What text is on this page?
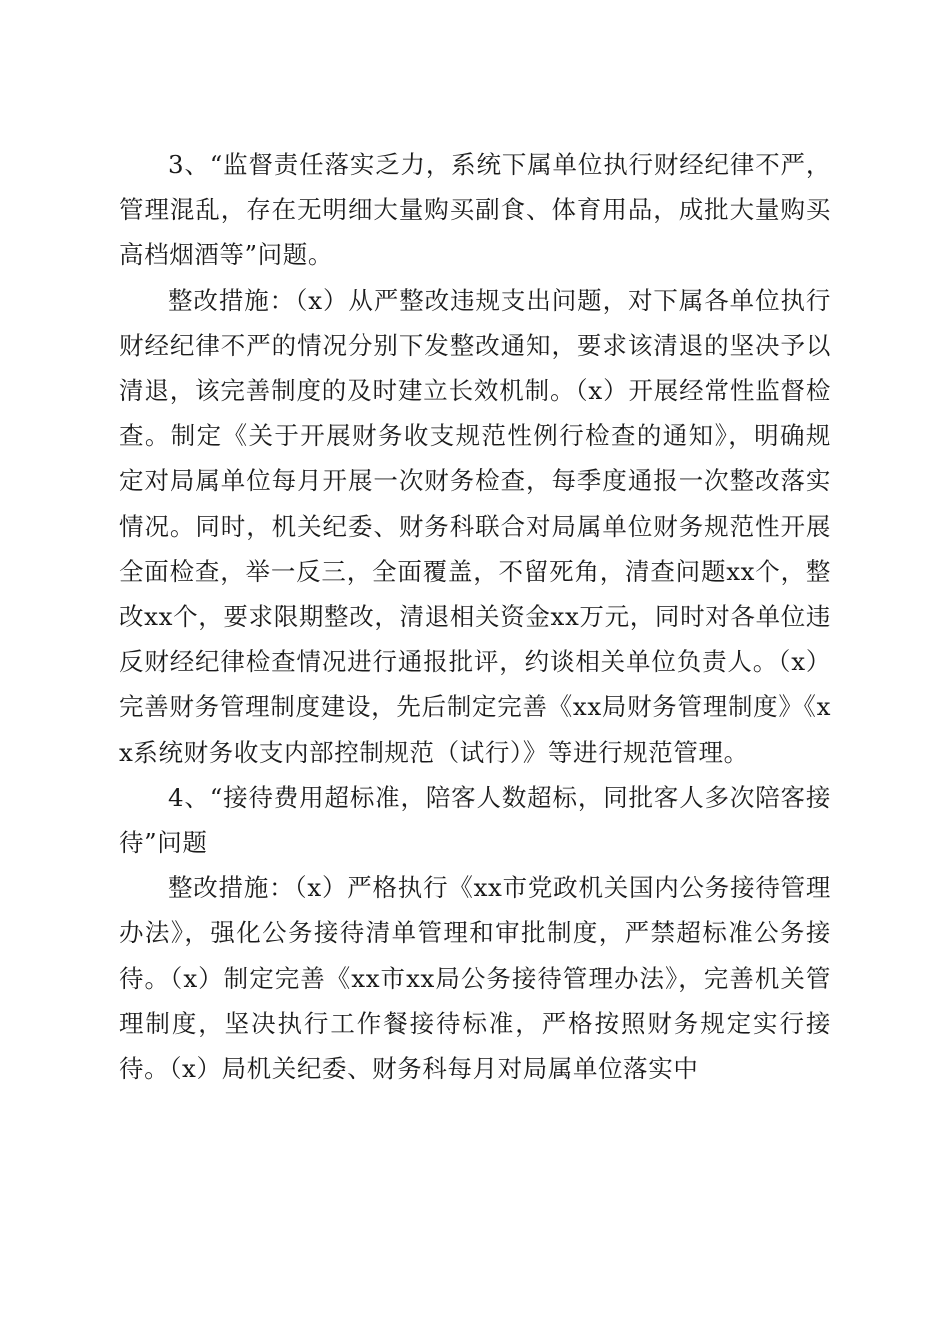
3、“监督责任落实乏力，系统下属单位执行财经纪律不严，管理混乱，存在无明细大量购买副食、体育用品，成批大量购买高档烟酒等”问题。

整改措施：（x）从严整改违规支出问题，对下属各单位执行财经纪律不严的情况分别下发整改通知，要求该清退的坚决予以清退，该完善制度的及时建立长效机制。（x）开展经常性监督检查。制定《关于开展财务收支规范性例行检查的通知》，明确规定对局属单位每月开展一次财务检查，每季度通报一次整改落实情况。同时，机关纪委、财务科联合对局属单位财务规范性开展全面检查，举一反三，全面覆盖，不留死角，清查问题xx个，整改xx个，要求限期整改，清退相关资金xx万元，同时对各单位违反财经纪律检查情况进行通报批评，约谈相关单位负责人。（x）完善财务管理制度建设，先后制定完善《xx局财务管理制度》《xx系统财务收支内部控制规范（试行）》等进行规范管理。

4、“接待费用超标准，陪客人数超标，同批客人多次陪客接待”问题

整改措施：（x）严格执行《xx市党政机关国内公务接待管理办法》，强化公务接待清单管理和审批制度，严禁超标准公务接待。（x）制定完善《xx市xx局公务接待管理办法》，完善机关管理制度，坚决执行工作餐接待标准，严格按照财务规定实行接待。（x）局机关纪委、财务科每月对局属单位落实中
